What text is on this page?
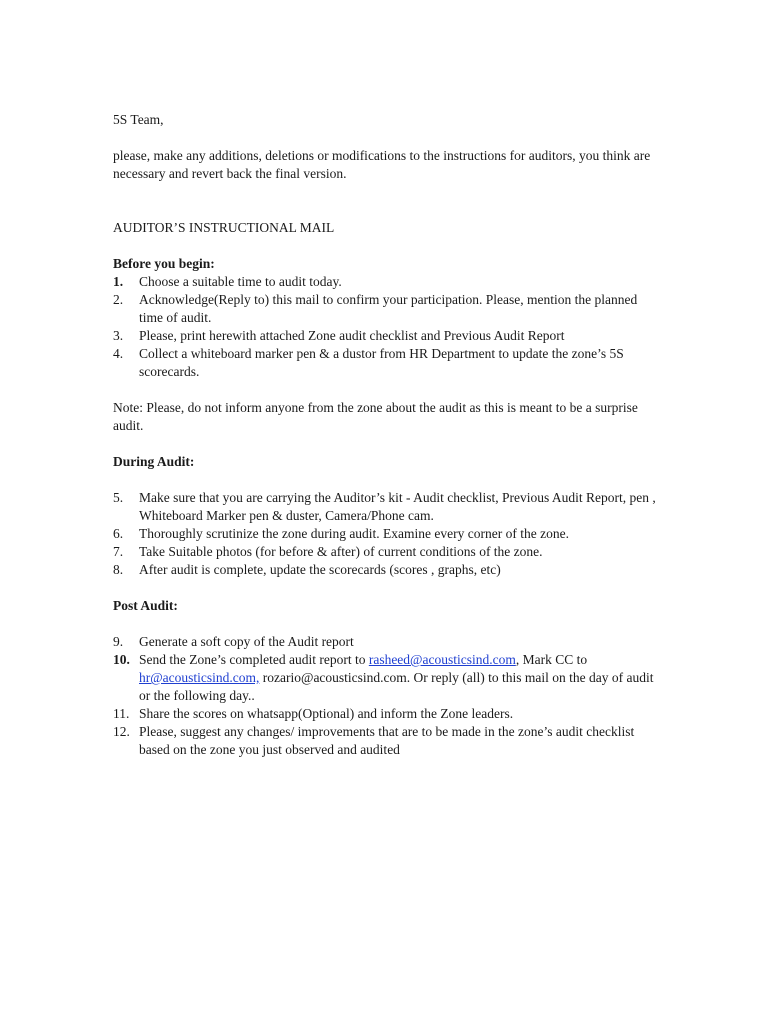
5S Team,

please, make any additions, deletions or modifications to the instructions for auditors, you think are necessary and revert back the final version.

AUDITOR’S INSTRUCTIONAL MAIL

Before you begin:

1. Choose a suitable time to audit today.
2. Acknowledge(Reply to) this mail to confirm your participation. Please, mention the planned time of audit.
3. Please, print herewith attached Zone audit checklist and Previous Audit Report
4. Collect a whiteboard marker pen & a dustor from HR Department to update the zone’s 5S scorecards.

Note: Please, do not inform anyone from the zone about the audit as this is meant to be a surprise audit.

During Audit:

5. Make sure that you are carrying the Auditor’s kit - Audit checklist, Previous Audit Report, pen , Whiteboard Marker pen & duster, Camera/Phone cam.
6. Thoroughly scrutinize the zone during audit. Examine every corner of the zone.
7. Take Suitable photos (for before & after) of current conditions of the zone.
8. After audit is complete, update the scorecards (scores , graphs, etc)

Post Audit:

9. Generate a soft copy of the Audit report
10. Send the Zone’s completed audit report to rasheed@acousticsind.com, Mark CC to hr@acousticsind.com, rozario@acousticsind.com. Or reply (all) to this mail on the day of audit or the following day..
11. Share the scores on whatsapp(Optional) and inform the Zone leaders.
12. Please, suggest any changes/ improvements that are to be made in the zone’s audit checklist based on the zone you just observed and audited
